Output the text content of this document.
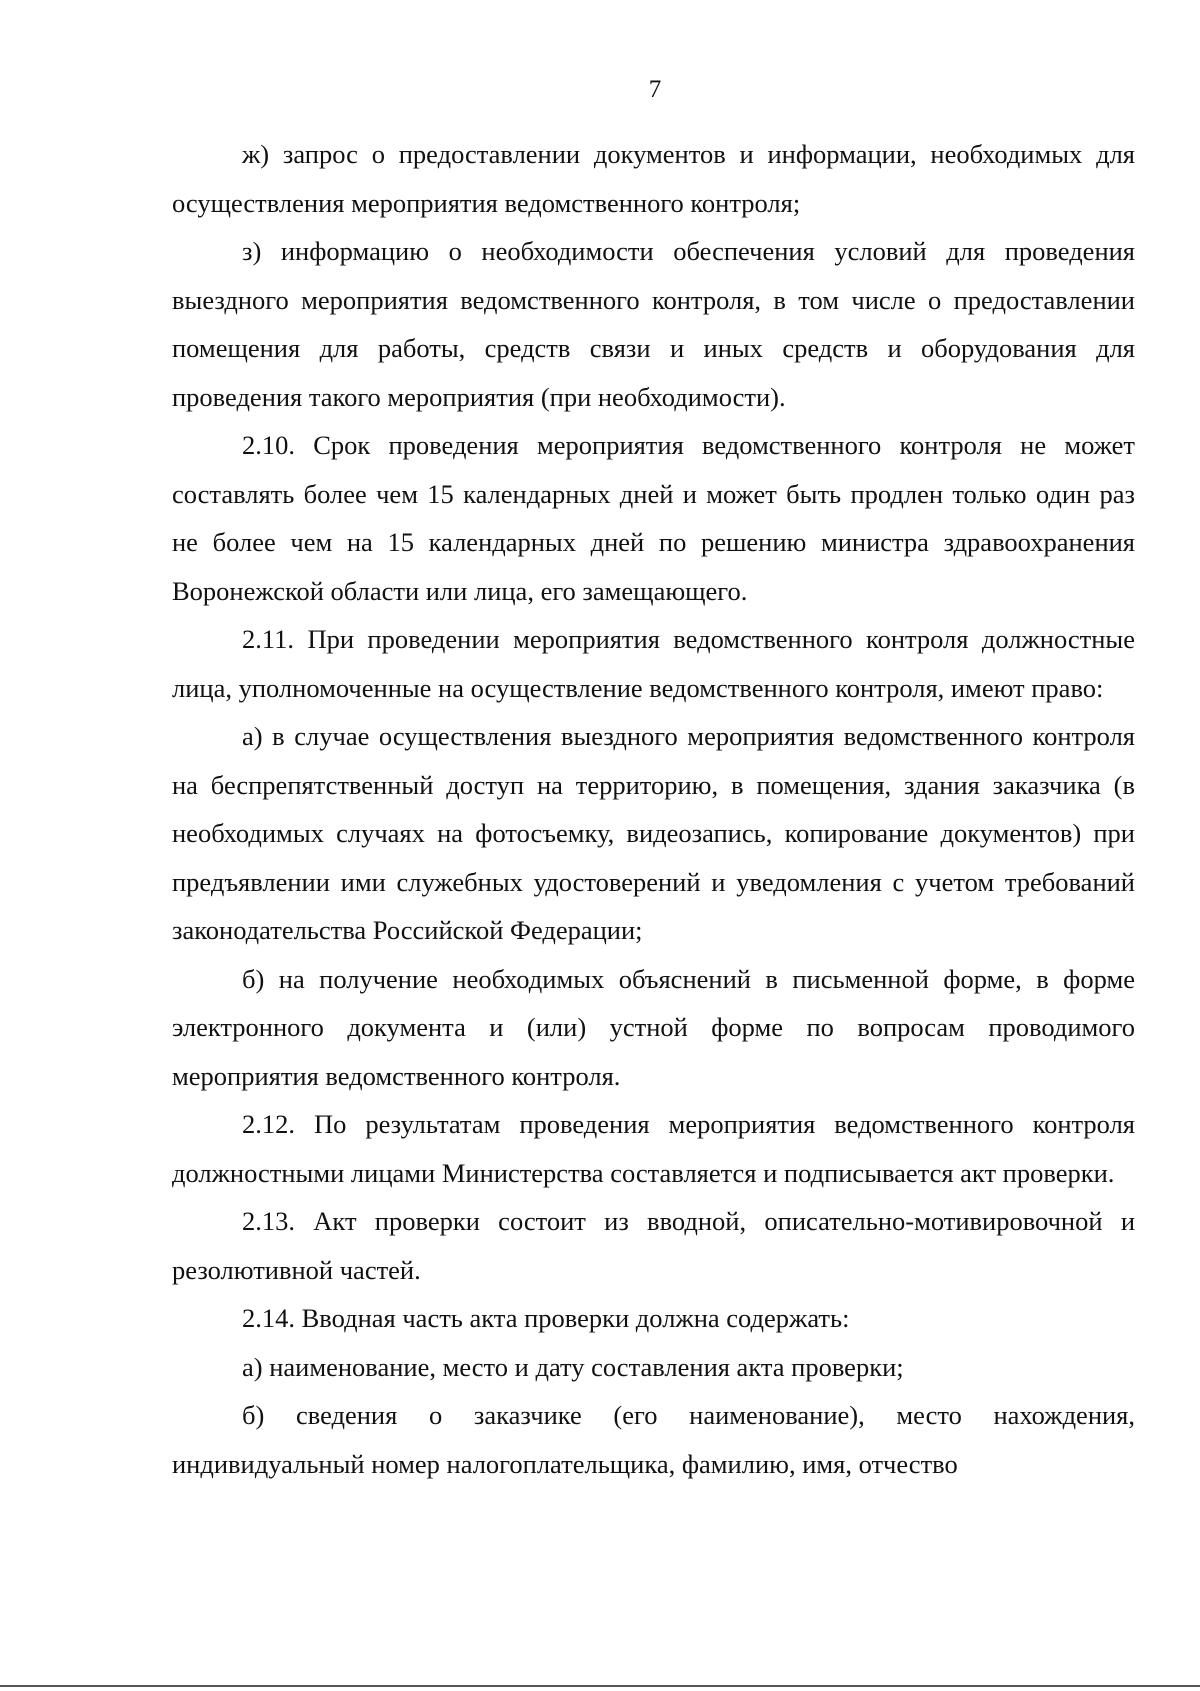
7

ж) запрос о предоставлении документов и информации, необходимых для осуществления мероприятия ведомственного контроля;

з) информацию о необходимости обеспечения условий для проведения выездного мероприятия ведомственного контроля, в том числе о предоставлении помещения для работы, средств связи и иных средств и оборудования для проведения такого мероприятия (при необходимости).

2.10. Срок проведения мероприятия ведомственного контроля не может составлять более чем 15 календарных дней и может быть продлен только один раз не более чем на 15 календарных дней по решению министра здравоохранения Воронежской области или лица, его замещающего.

2.11. При проведении мероприятия ведомственного контроля должностные лица, уполномоченные на осуществление ведомственного контроля, имеют право:

а) в случае осуществления выездного мероприятия ведомственного контроля на беспрепятственный доступ на территорию, в помещения, здания заказчика (в необходимых случаях на фотосъемку, видеозапись, копирование документов) при предъявлении ими служебных удостоверений и уведомления с учетом требований законодательства Российской Федерации;

б) на получение необходимых объяснений в письменной форме, в форме электронного документа и (или) устной форме по вопросам проводимого мероприятия ведомственного контроля.

2.12. По результатам проведения мероприятия ведомственного контроля должностными лицами Министерства составляется и подписывается акт проверки.

2.13. Акт проверки состоит из вводной, описательно-мотивировочной и резолютивной частей.

2.14. Вводная часть акта проверки должна содержать:

а) наименование, место и дату составления акта проверки;

б) сведения о заказчике (его наименование), место нахождения, индивидуальный номер налогоплательщика, фамилию, имя, отчество
